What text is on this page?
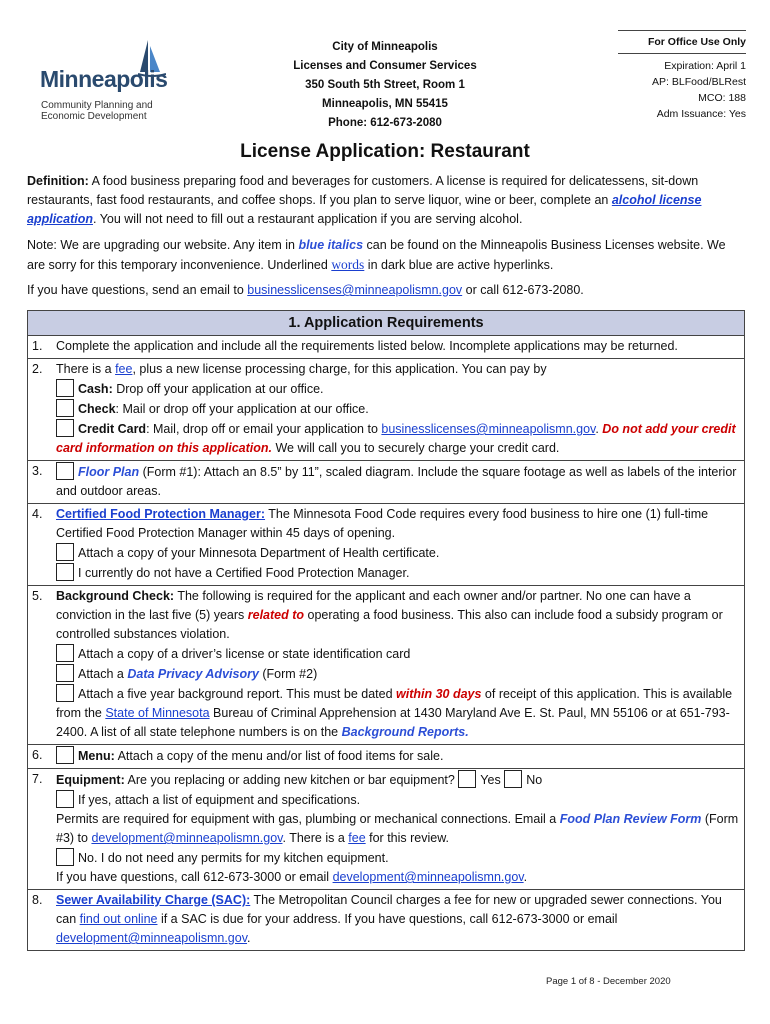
Minneapolis
Community Planning and
Economic Development
City of Minneapolis
Licenses and Consumer Services
350 South 5th Street, Room 1
Minneapolis, MN 55415
Phone: 612-673-2080
For Office Use Only
Expiration: April 1
AP: BLFood/BLRest
MCO: 188
Adm Issuance: Yes
License Application: Restaurant
Definition: A food business preparing food and beverages for customers. A license is required for delicatessens, sit-down restaurants, fast food restaurants, and coffee shops. If you plan to serve liquor, wine or beer, complete an alcohol license application. You will not need to fill out a restaurant application if you are serving alcohol.
Note: We are upgrading our website. Any item in blue italics can be found on the Minneapolis Business Licenses website. We are sorry for this temporary inconvenience. Underlined words in dark blue are active hyperlinks.
If you have questions, send an email to businesslicenses@minneapolismn.gov or call 612-673-2080.
1. Application Requirements
1. Complete the application and include all the requirements listed below. Incomplete applications may be returned.
2. There is a fee, plus a new license processing charge, for this application. You can pay by
Cash: Drop off your application at our office.
Check: Mail or drop off your application at our office.
Credit Card: Mail, drop off or email your application to businesslicenses@minneapolismn.gov. Do not add your credit card information on this application. We will call you to securely charge your credit card.
3.	Floor Plan (Form #1): Attach an 8.5” by 11”, scaled diagram. Include the square footage as well as labels of the interior and outdoor areas.
4. Certified Food Protection Manager: The Minnesota Food Code requires every food business to hire one (1) full-time Certified Food Protection Manager within 45 days of opening.
Attach a copy of your Minnesota Department of Health certificate.
I currently do not have a Certified Food Protection Manager.
5. Background Check: The following is required for the applicant and each owner and/or partner. No one can have a conviction in the last five (5) years related to operating a food business. This also can include food a subsidy program or controlled substances violation.
Attach a copy of a driver’s license or state identification card
Attach a Data Privacy Advisory (Form #2)
Attach a five year background report. This must be dated within 30 days of receipt of this application. This is available from the State of Minnesota Bureau of Criminal Apprehension at 1430 Maryland Ave E. St. Paul, MN 55106 or at 651-793-2400. A list of all state telephone numbers is on the Background Reports.
6.	Menu: Attach a copy of the menu and/or list of food items for sale.
7. Equipment: Are you replacing or adding new kitchen or bar equipment? Yes No
If yes, attach a list of equipment and specifications.
Permits are required for equipment with gas, plumbing or mechanical connections. Email a Food Plan Review Form (Form #3) to development@minneapolismn.gov. There is a fee for this review.
No. I do not need any permits for my kitchen equipment.
If you have questions, call 612-673-3000 or email development@minneapolismn.gov.
8. Sewer Availability Charge (SAC): The Metropolitan Council charges a fee for new or upgraded sewer connections. You can find out online if a SAC is due for your address. If you have questions, call 612-673-3000 or email development@minneapolismn.gov.
Page 1 of 8 - December 2020
